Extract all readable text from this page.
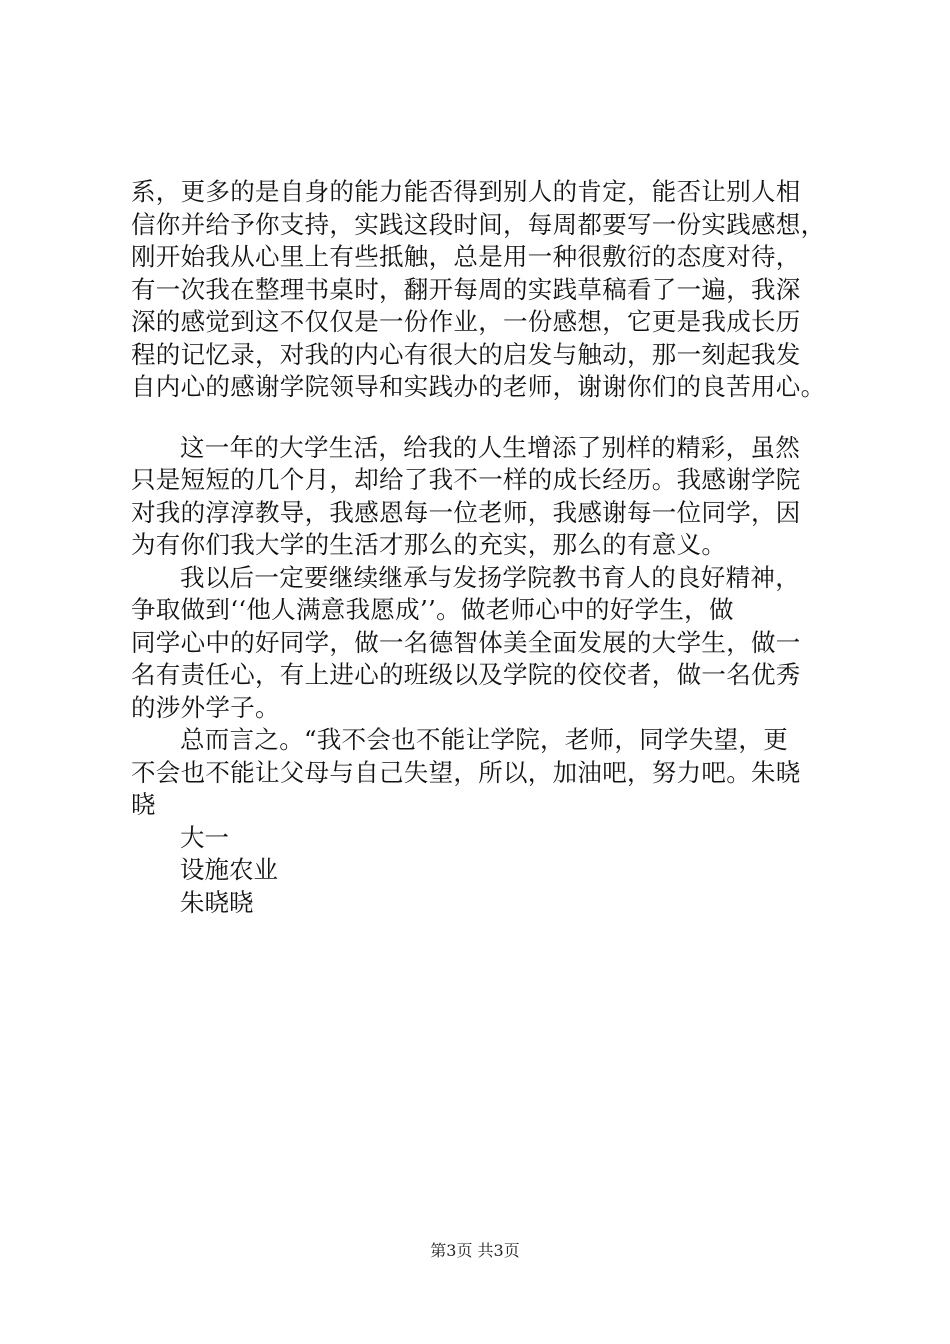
系，更多的是自身的能力能否得到别人的肯定，能否让别人相
信你并给予你支持，实践这段时间，每周都要写一份实践感想，
刚开始我从心里上有些抵触，总是用一种很敷衍的态度对待，
有一次我在整理书桌时，翻开每周的实践草稿看了一遍，我深
深的感觉到这不仅仅是一份作业，一份感想，它更是我成长历
程的记忆录，对我的内心有很大的启发与触动，那一刻起我发
自内心的感谢学院领导和实践办的老师，谢谢你们的良苦用心。
这一年的大学生活，给我的人生增添了别样的精彩，虽然
只是短短的几个月，却给了我不一样的成长经历。我感谢学院
对我的淳淳教导，我感恩每一位老师，我感谢每一位同学，因
为有你们我大学的生活才那么的充实，那么的有意义。
我以后一定要继续继承与发扬学院教书育人的良好精神，
争取做到‘‘他人满意我愿成’’。做老师心中的好学生，做
同学心中的好同学，做一名德智体美全面发展的大学生，做一
名有责任心，有上进心的班级以及学院的佼佼者，做一名优秀
的涉外学子。
总而言之。“我不会也不能让学院，老师，同学失望，更
不会也不能让父母与自己失望，所以，加油吧，努力吧。朱晓
晓
大一
设施农业
朱晓晓
第3页 共3页
